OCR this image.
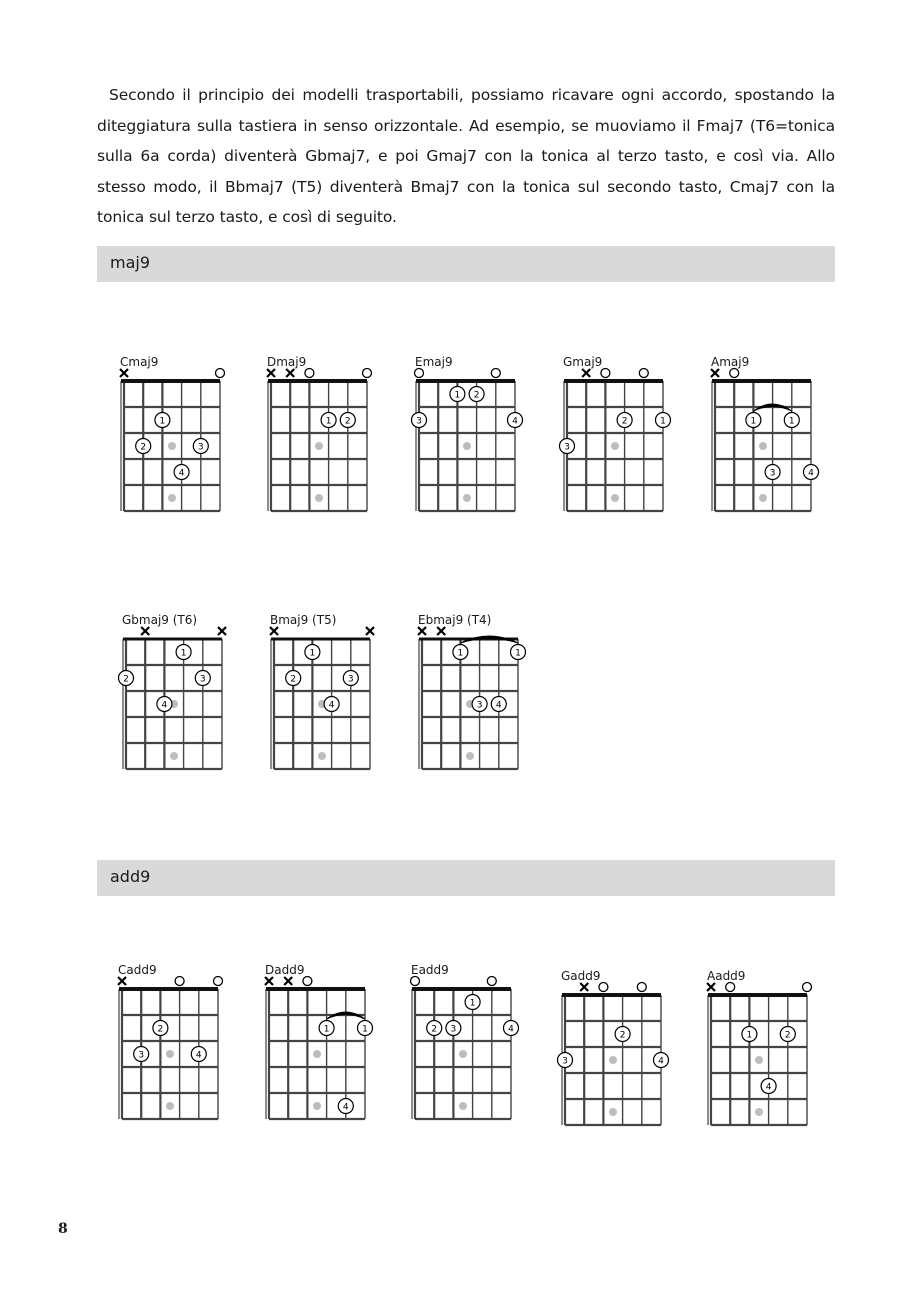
Secondo il principio dei modelli trasportabili, possiamo ricavare ogni accordo, spostando la diteggiatura sulla tastiera in senso orizzontale. Ad esempio, se muoviamo il Fmaj7 (T6=tonica sulla 6a corda) diventerà Gbmaj7, e poi Gmaj7 con la tonica al terzo tasto, e così via. Allo stesso modo, il Bbmaj7 (T5) diventerà Bmaj7 con la tonica sul secondo tasto, Cmaj7 con la tonica sul terzo tasto, e così di seguito.

maj9
add9
Cmaj9
1
2	3
4
Dmaj9
1 2
Emaj9
1 2
3	4
Gmaj9
2	1
3
Amaj9
1	1
3	4
Gbmaj9 (T6)
1
2	3
4
Bmaj9 (T5)
1
2	3
4
Ebmaj9 (T4)
1	1
3 4
Cadd9
2
3	4
Dadd9
1	1
4
Eadd9
1
2 3	4
Gadd9
2
3	4
Aadd9
1	2
4
8
